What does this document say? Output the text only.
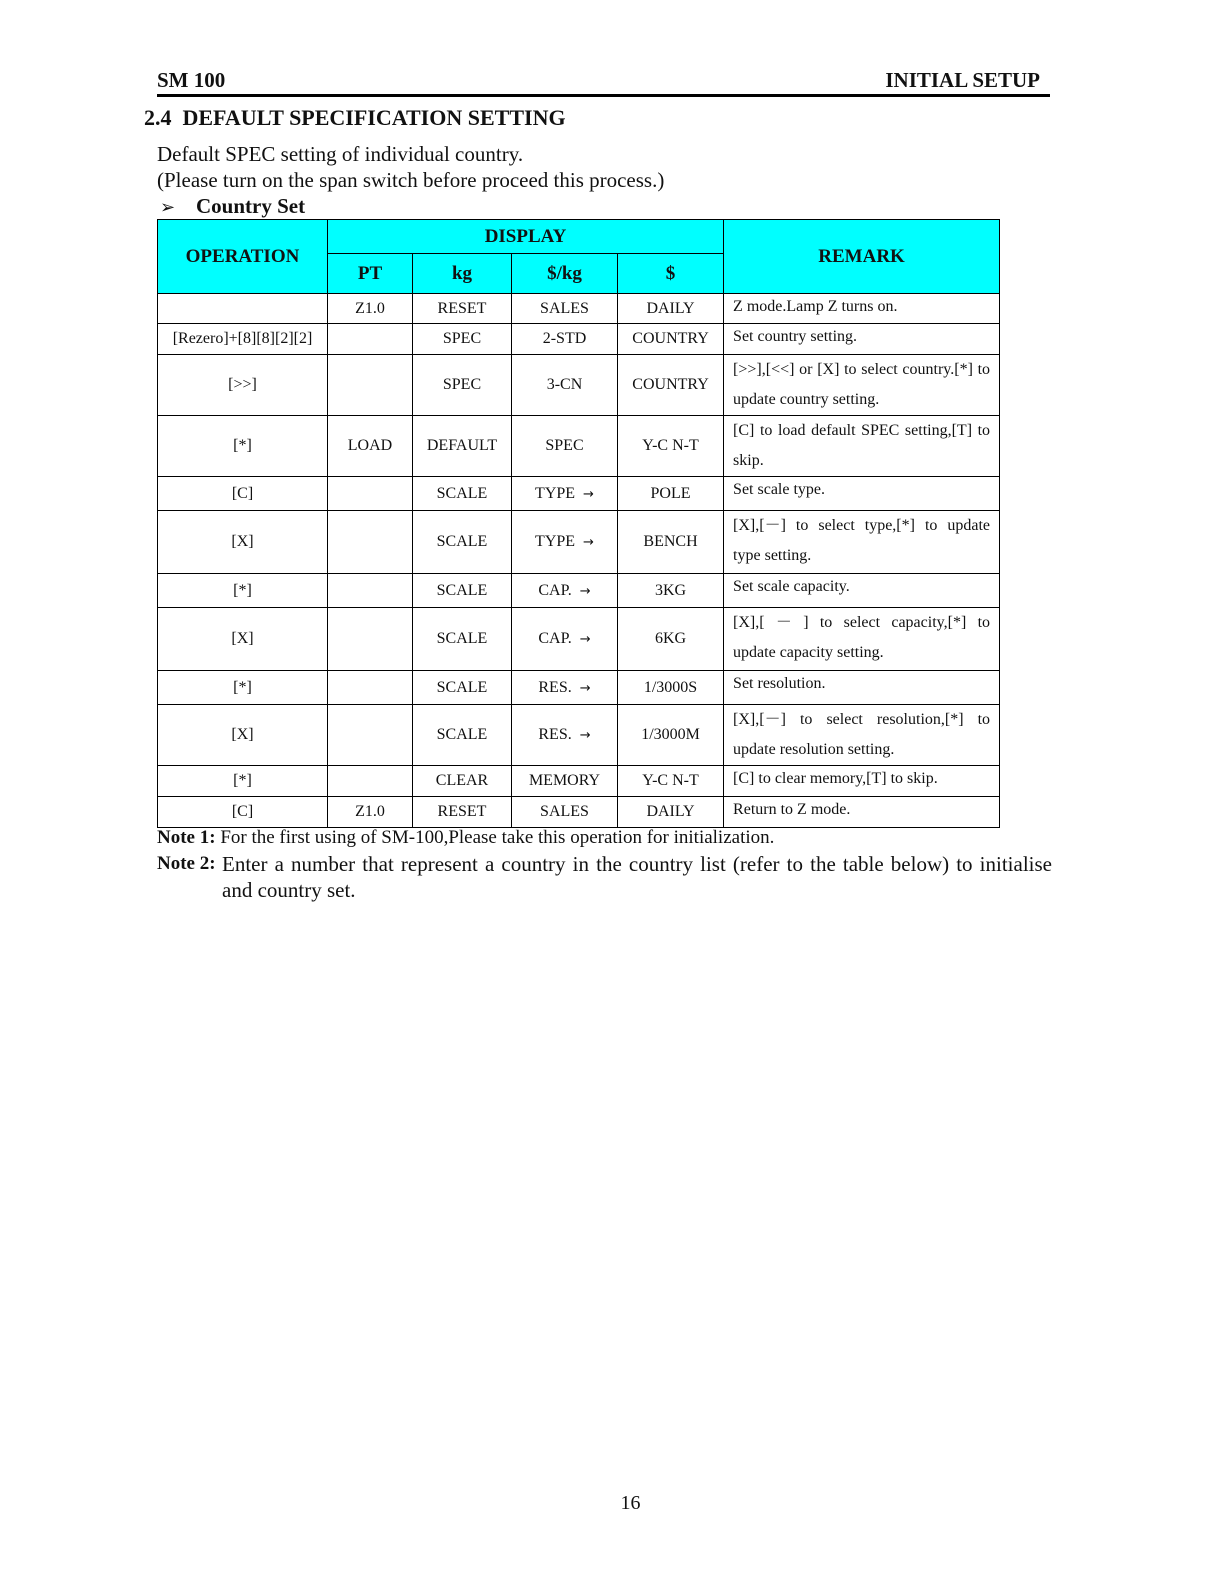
SM 100	INITIAL SETUP
2.4 DEFAULT SPECIFICATION SETTING
Default SPEC setting of individual country.
(Please turn on the span switch before proceed this process.)
➢ Country Set
OPERATION	DISPLAY				REMARK
	PT	kg	$/kg	$	
	Z1.0	RESET	SALES	DAILY	Z mode.Lamp Z turns on.
[Rezero]+[8][8][2][2]		SPEC	2-STD	COUNTRY	Set country setting.
[>>]		SPEC	3-CN	COUNTRY	[>>],[<<] or [X] to select country.[*] to update country setting.
[*]	LOAD	DEFAULT	SPEC	Y-C N-T	[C] to load default SPEC setting,[T] to skip.
[C]		SCALE	TYPE →	POLE	Set scale type.
[X]		SCALE	TYPE →	BENCH	[X],[－] to select type,[*] to update type setting.
[*]		SCALE	CAP. →	3KG	Set scale capacity.
[X]		SCALE	CAP. →	6KG	[X],[ － ] to select capacity,[*] to update capacity setting.
[*]		SCALE	RES. →	1/3000S	Set resolution.
[X]		SCALE	RES. →	1/3000M	[X],[－] to select resolution,[*] to update resolution setting.
[*]		CLEAR	MEMORY	Y-C N-T	[C] to clear memory,[T] to skip.
[C]	Z1.0	RESET	SALES	DAILY	Return to Z mode.
Note 1: For the first using of SM-100,Please take this operation for initialization.
Note 2: Enter a number that represent a country in the country list (refer to the table below) to initialise and country set.
16
